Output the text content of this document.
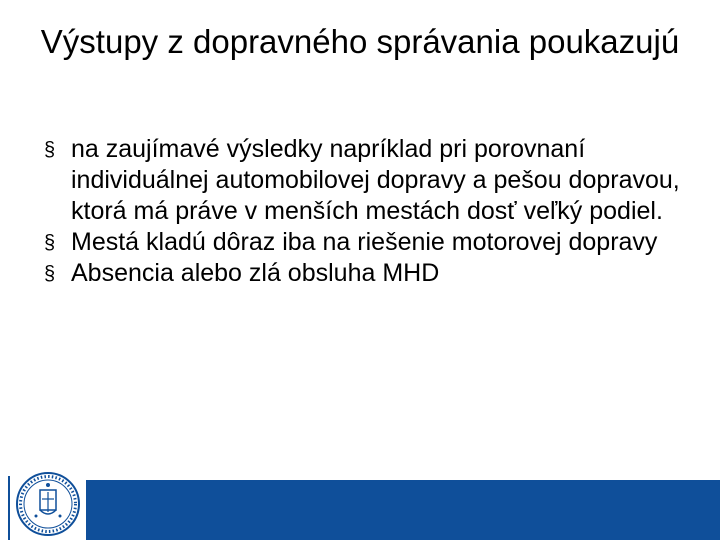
Výstupy z dopravného správania poukazujú
§ na zaujímavé výsledky napríklad pri porovnaní individuálnej automobilovej dopravy a pešou dopravou, ktorá má práve v menších mestách dosť veľký podiel.
§ Mestá kladú dôraz iba na riešenie motorovej dopravy
§ Absencia alebo zlá obsluha MHD
